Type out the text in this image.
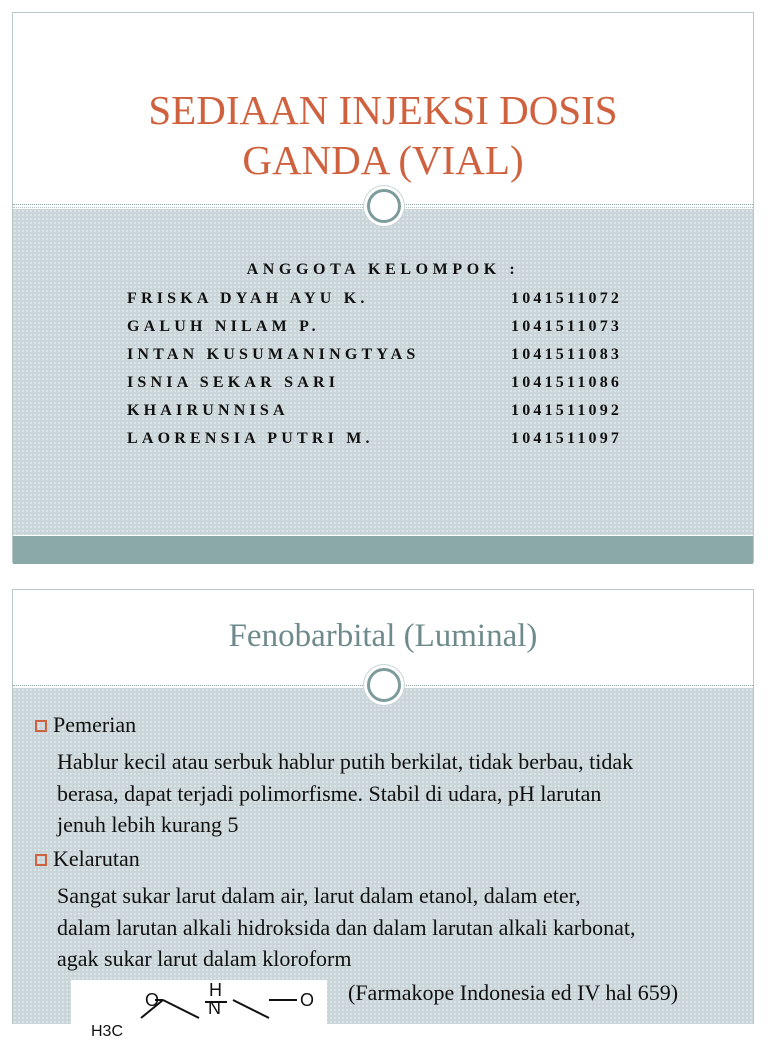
SEDIAAN INJEKSI DOSIS
GANDA (VIAL)
ANGGOTA KELOMPOK :
FRISKA DYAH AYU K.	1041511072
GALUH NILAM P.	1041511073
INTAN KUSUMANINGTYAS	1041511083
ISNIA SEKAR SARI	1041511086
KHAIRUNNISA	1041511092
LAORENSIA PUTRI M.	1041511097
Fenobarbital (Luminal)
Pemerian
Hablur kecil atau serbuk hablur putih berkilat, tidak berbau, tidak
berasa, dapat terjadi polimorfisme. Stabil di udara, pH larutan
jenuh lebih kurang 5
Kelarutan
Sangat sukar larut dalam air, larut dalam etanol, dalam eter,
dalam larutan alkali hidroksida dan dalam larutan alkali karbonat,
agak sukar larut dalam kloroform
O	H
N	O
H3C
(Farmakope Indonesia ed IV hal 659)
